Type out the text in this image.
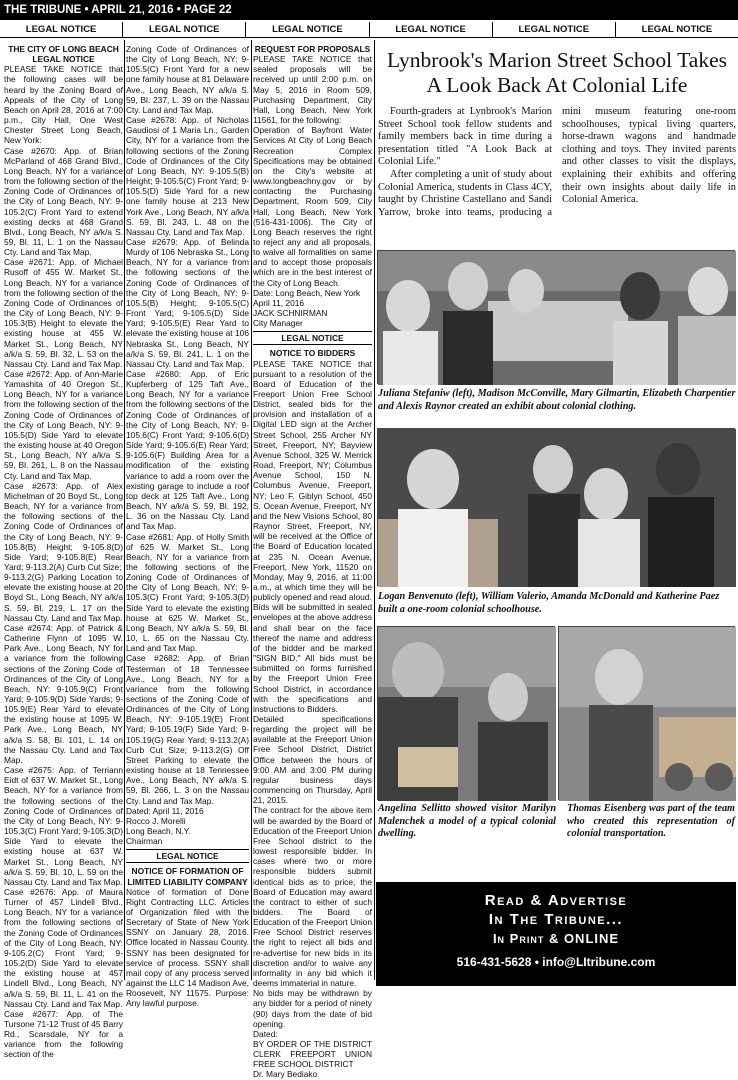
THE TRIBUNE • APRIL 21, 2016 • PAGE 22
LEGAL NOTICE	LEGAL NOTICE	LEGAL NOTICE	LEGAL NOTICE	LEGAL NOTICE	LEGAL NOTICE

THE CITY OF LONG BEACH

LEGAL NOTICE

PLEASE TAKE NOTICE that the following cases will be heard by the Zoning Board of Appeals of the City of Long Beach on April 28, 2016 at 7:00 p.m., City Hall, One West Chester Street Long Beach, New York:

Case #2670: App. of Brian McParland of 468 Grand Blvd., Long Beach, NY for a variance from the following section of the Zoning Code of Ordinances of the City of Long Beach, NY: 9-105.2(C) Front Yard to extend existing decks at 468 Grand Blvd., Long Beach, NY a/k/a S. 59, Bl. 11, L. 1 on the Nassau Cty. Land and Tax Map.

Case #2671: App. of Michael Rusoff of 455 W. Market St., Long Beach, NY for a variance from the following section of the Zoning Code of Ordinances of the City of Long Beach, NY: 9-105.3(B) Height to elevate the existing house at 455 W. Market St., Long Beach, NY a/k/a S. 59, Bl. 32, L. 53 on the Nassau Cty. Land and Tax Map.

Case #2672: App. of Ann-Marie Yamashita of 40 Oregon St., Long Beach, NY for a variance from the following section of the Zoning Code of Ordinances of the City of Long Beach, NY: 9-105.5(D) Side Yard to elevate the existing house at 40 Oregon St., Long Beach, NY a/k/a S. 59, Bl. 261, L. 8 on the Nassau Cty. Land and Tax Map.

Case #2673: App. of Alex Michelman of 20 Boyd St., Long Beach, NY for a variance from the following sections of the Zoning Code of Ordinances of the City of Long Beach, NY: 9-105.8(B) Height; 9-105.8(D) Side Yard; 9-105.8(E) Rear Yard; 9-113.2(A) Curb Cut Size;

9-113.2(G) Parking Location to elevate the existing house at 20 Boyd St., Long Beach, NY a/k/a S. 59, Bl. 219, L. 17 on the Nassau Cty. Land and Tax Map.

Case #2674: App. of Patrick & Catherine Flynn of 1095 W. Park Ave., Long Beach, NY for a variance from the following sections of the Zoning Code of Ordinances of the City of Long Beach, NY: 9-105.9(C) Front Yard; 9-105.9(D) Side Yards; 9-105.9(E) Rear Yard to elevate the existing house at 1095 W. Park Ave., Long Beach, NY a/k/a S. 58, Bl. 101, L. 14 on the Nassau Cty. Land and Tax Map.

Case #2675: App. of Terriann Eidt of 637 W. Market St., Long Beach, NY for a variance from the following sections of the Zoning Code of Ordinances of the City of Long Beach, NY: 9-105.3(C) Front Yard; 9-105.3(D) Side Yard to elevate the existing house at 637 W. Market St., Long Beach, NY a/k/a S. 59, Bl. 10, L. 59 on the Nassau Cty. Land and Tax Map.

Case #2676: App. of Maura Turner of 457 Lindell Blvd., Long Beach, NY for a variance from the following sections of the Zoning Code of Ordinances of the City of Long Beach, NY: 9-105.2(C) Front Yard; 9-105.2(D) Side Yard to elevate the existing house at 457 Lindell Blvd., Long Beach, NY a/k/a S. 59, Bl. 11, L. 41 on the Nassau Cty. Land and Tax Map.

Case #2677: App. of The Tursone 71-12 Trust of 45 Barry Rd., Scarsdale, NY for a variance from the following section of the

Zoning Code of Ordinances of the City of Long Beach, NY: 9-105.5(C) Front Yard for a new one family house at 81 Delaware Ave., Long Beach, NY a/k/a S. 59, Bl. 237, L. 39 on the Nassau Cty. Land and Tax Map.

Case #2678: App. of Nicholas Gaudiosi of 1 Maria Ln., Garden City, NY for a variance from the following sections of the Zoning Code of Ordinances of the City of Long Beach, NY: 9-105.5(B) Height; 9-105.5(C) Front Yard; 9-105.5(D) Side Yard for a new one family house at 213 New York Ave., Long Beach, NY a/k/a S. 59, Bl. 243, L. 48 on the Nassau Cty. Land and Tax Map.

Case #2679: App. of Belinda Murdy of 106 Nebraska St., Long Beach, NY for a variance from the following sections of the Zoning Code of Ordinances of the City of Long Beach, NY: 9-105.5(B) Height; 9-105.5(C) Front Yard; 9-105.5(D) Side Yard; 9-105.5(E) Rear Yard to elevate the existing house at 106 Nebraska St., Long Beach, NY a/k/a S. 59, Bl. 241, L. 1 on the Nassau Cty. Land and Tax Map.

Case #2680: App. of Eric Kupferberg of 125 Taft Ave., Long Beach, NY for a variance from the following sections of the Zoning Code of Ordinances of the City of Long Beach, NY: 9-105.6(C) Front Yard; 9-105.6(D) Side Yard; 9-105.6(E) Rear Yard; 9-105.6(F) Building Area for a modification of the existing variance to add a room over the existing garage to include a roof top deck at 125 Taft Ave., Long Beach, NY a/k/a S. 59, Bl. 192, L. 36 on the Nassau Cty. Land and Tax Map.

Case #2681: App. of Holly Smith of 625 W. Market St., Long Beach, NY for a variance from the following sections of the Zoning Code of Ordinances of the City of Long Beach, NY: 9-105.3(C) Front Yard; 9-105.3(D) Side Yard to elevate the existing house at 625 W. Market St., Long Beach, NY a/k/a S. 59, Bl. 10, L. 65 on the Nassau Cty. Land and Tax Map.

Case #2682: App. of Brian Testerman of 18 Tennessee Ave., Long Beach, NY for a variance from the following sections of the Zoning Code of Ordinances of the City of Long Beach, NY: 9-105.19(E) Front Yard; 9-105.19(F) Side Yard; 9-105.19(G) Rear Yard; 9-113.2(A) Curb Cut Size; 9-113.2(G) Off Street Parking to elevate the existing house at 18 Tennessee Ave., Long Beach, NY a/k/a S. 59, Bl. 266, L. 3 on the Nassau Cty. Land and Tax Map.

Dated: April 11, 2016

Rocco J. Morelli

Long Beach, N.Y.

Chairman

LEGAL NOTICE

NOTICE OF FORMATION OF LIMITED LIABILITY COMPANY

Notice of formation of Done Right Contracting LLC. Articles of Organization filed with the Secretary of State of New York SSNY on January 28, 2016. Office located in Nassau County. SSNY has been designated for service of process. SSNY shall mail copy of any process served against the LLC 14 Madison Ave, Roosevelt, NY 11575. Purpose: Any lawful purpose.

REQUEST FOR PROPOSALS

PLEASE TAKE NOTICE that sealed proposals will be received up until 2:00 p.m. on May 5, 2016 in Room 509, Purchasing Department, City Hall, Long Beach, New York 11561, for the following:

Operation of Bayfront Water Services At City of Long Beach Recreation Complex Specifications may be obtained on the City's website at www.longbeachny.gov or by contacting the Purchasing Department, Room 509, City Hall, Long Beach, New York (516-431-1006). The City of Long Beach reserves the right to reject any and all proposals, to waive all formalities on same and to accept those proposals which are in the best interest of the City of Long Beach.

Date: Long Beach, New York

April 11, 2016

JACK SCHNIRMAN

City Manager

LEGAL NOTICE

NOTICE TO BIDDERS

PLEASE TAKE NOTICE that pursuant to a resolution of the Board of Education of the Freeport Union Free School District, sealed bids for the provision and installation of a Digital LED sign at the Archer Street School, 255 Archer NY Street, Freeport, NY; Bayview Avenue School, 325 W. Merrick Road, Freeport, NY; Columbus Avenue School, 150 N. Columbus Avenue, Freeport, NY; Leo F. Giblyn School, 450 S. Ocean Avenue, Freeport, NY and the New Visions School, 80 Raynor Street, Freeport, NY, will be received at the Office of the Board of Education located at 235 N. Ocean Avenue, Freeport, New York, 11520 on Monday, May 9, 2016, at 11:00 a.m., at which time they will be publicly opened and read aloud.

Bids will be submitted in sealed envelopes at the above address and shall bear on the face thereof the name and address of the bidder and be marked "SIGN BID." All bids must be submitted on forms furnished by the Freeport Union Free School District, in accordance with the specifications and instructions to Bidders.

Detailed specifications regarding the project will be available at the Freeport Union Free School District, District Office between the hours of 9:00 AM and 3:00 PM during regular business days commencing on Thursday, April 21, 2015.

The contract for the above item will be awarded by the Board of Education of the Freeport Union Free School district to the lowest responsible bidder. In cases where two or more responsible bidders submit identical bids as to price, the Board of Education may award the contract to either of such bidders. The Board of Education of the Freeport Union Free School District reserves the right to reject all bids and re-advertise for new bids in its discretion and/or to waive any informality in any bid which it deems immaterial in nature.

No bids may be withdrawn by any bidder for a period of ninety (90) days from the date of bid opening.

Dated:

BY ORDER OF THE DISTRICT CLERK FREEPORT UNION FREE SCHOOL DISTRICT

Dr. Mary Bediako

Lynbrook's Marion Street School Takes A Look Back At Colonial Life

Fourth-graders at Lynbrook's Marion Street School took fellow students and family members back in time during a presentation titled "A Look Back at Colonial Life."

After completing a unit of study about Colonial America, students in Class 4CY, taught by Christine Castellano and Sandi Yarrow, broke into teams, producing a mini museum featuring one-room schoolhouses, typical living quarters, horse-drawn wagons and handmade clothing and toys. They invited parents and other classes to visit the displays, explaining their exhibits and offering their own insights about daily life in Colonial America.

Juliana Stefaniw (left), Madison McConville, Mary Gilmartin, Elizabeth Charpentier and Alexis Raynor created an exhibit about colonial clothing.
Logan Benvenuto (left), William Valerio, Amanda McDonald and Katherine Paez built a one-room colonial schoolhouse.
Angelina Sellitto showed visitor Marilyn Malenchek a model of a typical colonial dwelling.
Thomas Eisenberg was part of the team who created this representation of colonial transportation.
Read & Advertise
In The Tribune...
In Print & ONLINE
516-431-5628 • info@LItribune.com
